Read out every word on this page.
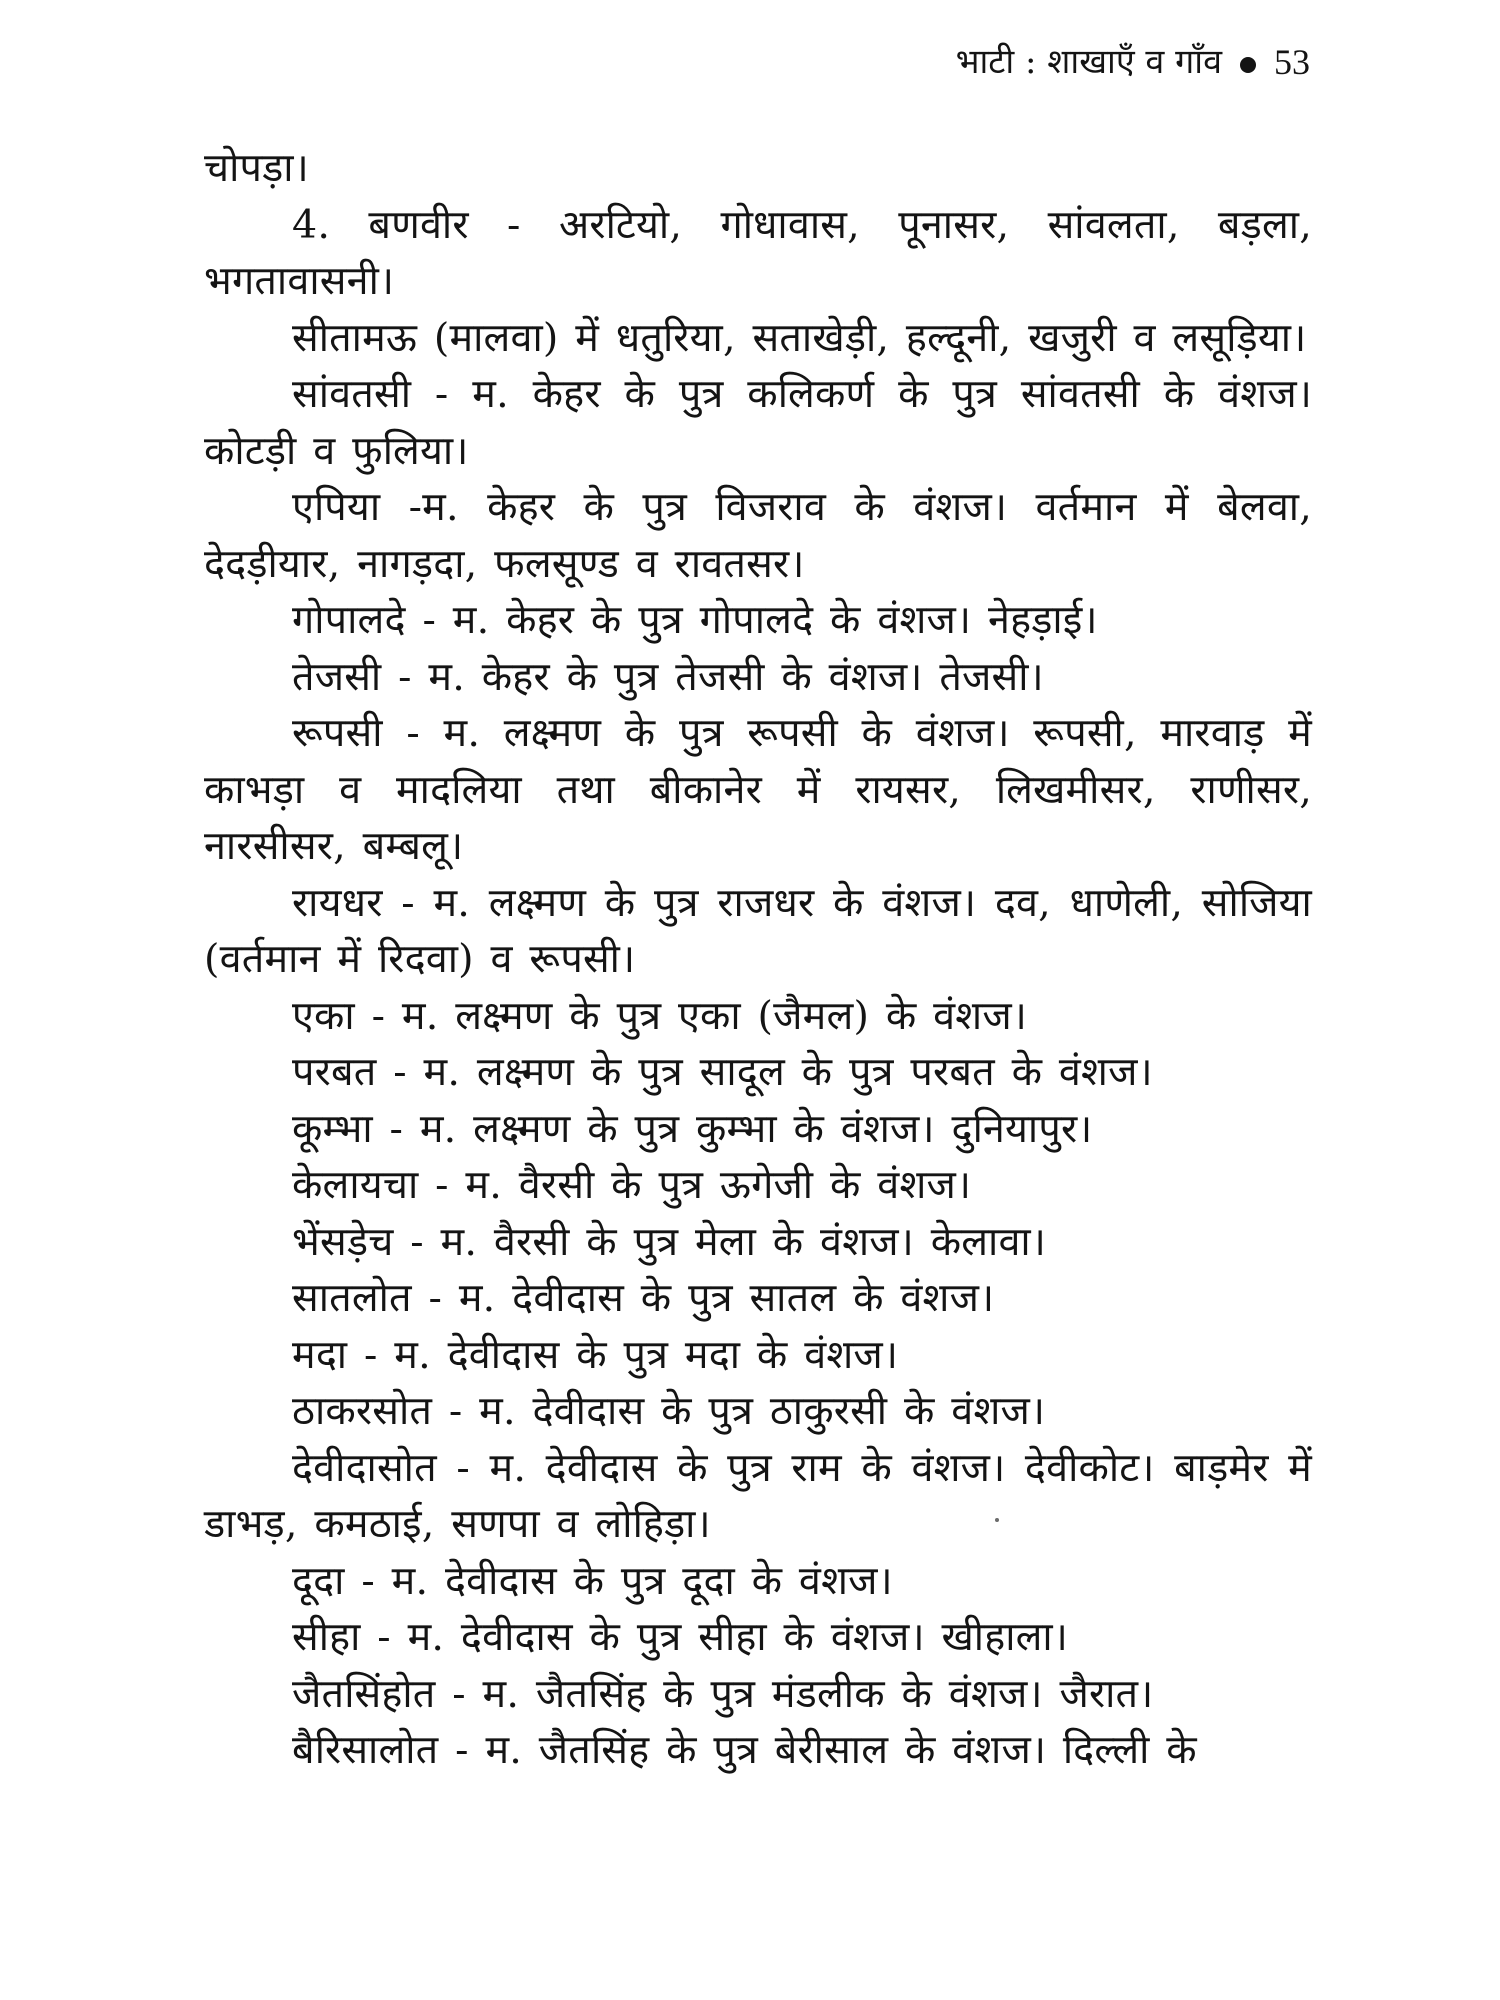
भाटी : शाखाएँ व गाँव 53

चोपड़ा।

4. बणवीर - अरटियो, गोधावास, पूनासर, सांवलता, बड़ला, भगतावासनी।

सीतामऊ (मालवा) में धतुरिया, सताखेड़ी, हल्दूनी, खजुरी व लसूड़िया।

सांवतसी - म. केहर के पुत्र कलिकर्ण के पुत्र सांवतसी के वंशज। कोटड़ी व फुलिया।

एपिया -म. केहर के पुत्र विजराव के वंशज। वर्तमान में बेलवा, देदड़ीयार, नागड़दा, फलसूण्ड व रावतसर।

गोपालदे - म. केहर के पुत्र गोपालदे के वंशज। नेहड़ाई।

तेजसी - म. केहर के पुत्र तेजसी के वंशज। तेजसी।

रूपसी - म. लक्ष्मण के पुत्र रूपसी के वंशज। रूपसी, मारवाड़ में काभड़ा व मादलिया तथा बीकानेर में रायसर, लिखमीसर, राणीसर, नारसीसर, बम्बलू।

रायधर - म. लक्ष्मण के पुत्र राजधर के वंशज। दव, धाणेली, सोजिया (वर्तमान में रिदवा) व रूपसी।

एका - म. लक्ष्मण के पुत्र एका (जैमल) के वंशज।

परबत - म. लक्ष्मण के पुत्र सादूल के पुत्र परबत के वंशज।

कूम्भा - म. लक्ष्मण के पुत्र कुम्भा के वंशज। दुनियापुर।

केलायचा - म. वैरसी के पुत्र ऊगेजी के वंशज।

भेंसड़ेच - म. वैरसी के पुत्र मेला के वंशज। केलावा।

सातलोत - म. देवीदास के पुत्र सातल के वंशज।

मदा - म. देवीदास के पुत्र मदा के वंशज।

ठाकरसोत - म. देवीदास के पुत्र ठाकुरसी के वंशज।

देवीदासोत - म. देवीदास के पुत्र राम के वंशज। देवीकोट। बाड़मेर में डाभड़, कमठाई, सणपा व लोहिड़ा।

दूदा - म. देवीदास के पुत्र दूदा के वंशज।

सीहा - म. देवीदास के पुत्र सीहा के वंशज। खीहाला।

जैतसिंहोत - म. जैतसिंह के पुत्र मंडलीक के वंशज। जैरात।

बैरिसालोत - म. जैतसिंह के पुत्र बेरीसाल के वंशज। दिल्ली के
